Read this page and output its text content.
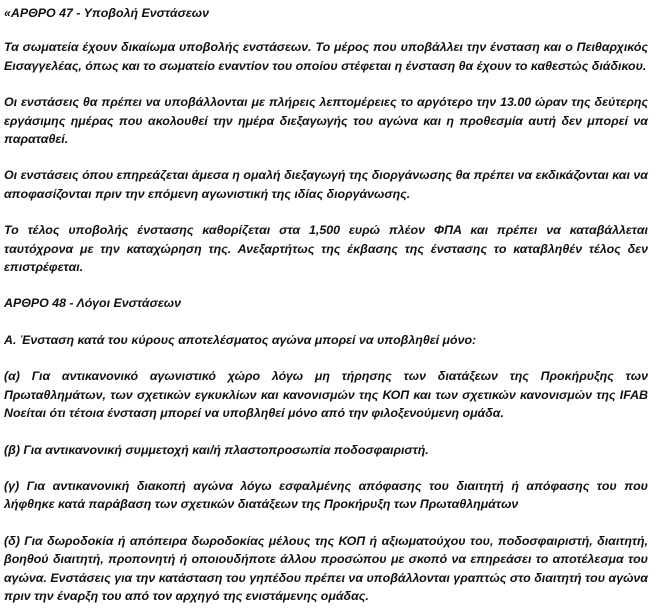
«ΑΡΘΡΟ 47 - Υποβολή Ενστάσεων

Τα σωματεία έχουν δικαίωμα υποβολής ενστάσεων. Το μέρος που υποβάλλει την ένσταση και ο Πειθαρχικός Εισαγγελέας, όπως και το σωματείο εναντίον του οποίου στέφεται η ένσταση θα έχουν το καθεστώς διάδικου.

Οι ενστάσεις θα πρέπει να υποβάλλονται με πλήρεις λεπτομέρειες το αργότερο την 13.00 ώραν της δεύτερης εργάσιμης ημέρας που ακολουθεί την ημέρα διεξαγωγής του αγώνα και η προθεσμία αυτή δεν μπορεί να παραταθεί.

Οι ενστάσεις όπου επηρεάζεται άμεσα η ομαλή διεξαγωγή της διοργάνωσης θα πρέπει να εκδικάζονται και να αποφασίζονται πριν την επόμενη αγωνιστική της ιδίας διοργάνωσης.

Το τέλος υποβολής ένστασης καθορίζεται στα 1,500 ευρώ πλέον ΦΠΑ και πρέπει να καταβάλλεται ταυτόχρονα με την καταχώρηση της. Ανεξαρτήτως της έκβασης της ένστασης το καταβληθέν τέλος δεν επιστρέφεται.

ΑΡΘΡΟ 48 - Λόγοι Ενστάσεων

Α. Ένσταση κατά του κύρους αποτελέσματος αγώνα μπορεί να υποβληθεί μόνο:

(α) Για αντικανονικό αγωνιστικό χώρο λόγω μη τήρησης των διατάξεων της Προκήρυξης των Πρωταθλημάτων, των σχετικών εγκυκλίων και κανονισμών της ΚΟΠ και των σχετικών κανονισμών της IFAB Νοείται ότι τέτοια ένσταση μπορεί να υποβληθεί μόνο από την φιλοξενούμενη ομάδα.

(β) Για αντικανονική συμμετοχή και/ή πλαστοπροσωπία ποδοσφαιριστή.

(γ) Για αντικανονική διακοπή αγώνα λόγω εσφαλμένης απόφασης του διαιτητή ή απόφασης του που λήφθηκε κατά παράβαση των σχετικών διατάξεων της Προκήρυξη των Πρωταθλημάτων

(δ) Για δωροδοκία ή απόπειρα δωροδοκίας μέλους της ΚΟΠ ή αξιωματούχου του, ποδοσφαιριστή, διαιτητή, βοηθού διαιτητή, προπονητή ή οποιουδήποτε άλλου προσώπου με σκοπό να επηρεάσει το αποτέλεσμα του αγώνα. Ενστάσεις για την κατάσταση του γηπέδου πρέπει να υποβάλλονται γραπτώς στο διαιτητή του αγώνα πριν την έναρξη του από τον αρχηγό της ενιστάμενης ομάδας.
